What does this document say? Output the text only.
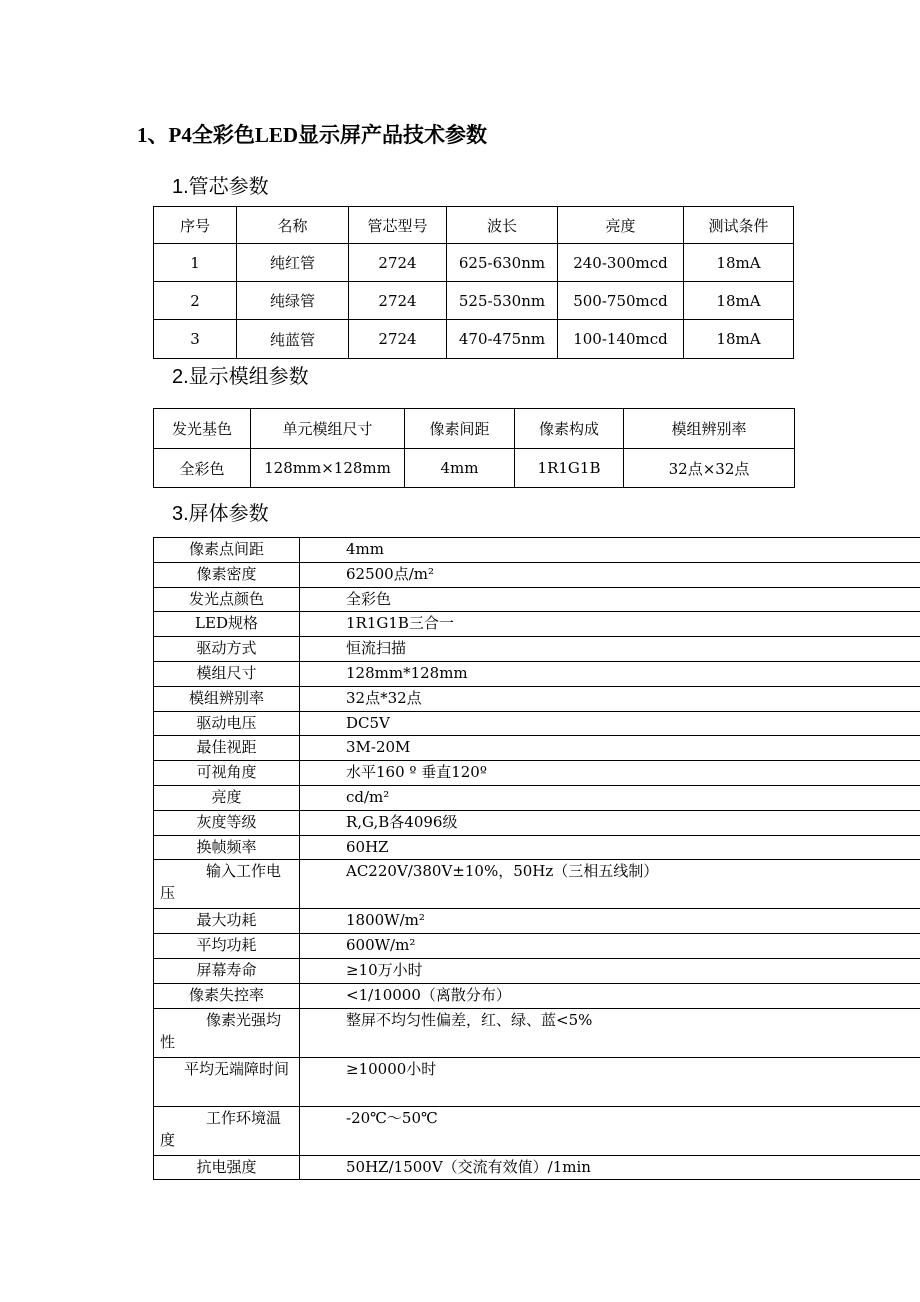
1、P4全彩色LED显示屏产品技术参数
1.管芯参数
序号	名称	管芯型号	波长	亮度	测试条件
1	纯红管	2724	625-630nm	240-300mcd	18mA
2	纯绿管	2724	525-530nm	500-750mcd	18mA
3	纯蓝管	2724	470-475nm	100-140mcd	18mA
2.显示模组参数
发光基色	单元模组尺寸	像素间距	像素构成	模组辨别率
全彩色	128mm×128mm	4mm	1R1G1B	32点×32点
3.屏体参数
像素点间距	4mm
像素密度	62500点/m²
发光点颜色	全彩色
LED规格	1R1G1B三合一
驱动方式	恒流扫描
模组尺寸	128mm*128mm
模组辨别率	32点*32点
驱动电压	DC5V
最佳视距	3M-20M
可视角度	水平160 º 垂直120º
亮度	cd/m²
灰度等级	R,G,B各4096级
换帧频率	60HZ
输入工作电压	AC220V/380V±10%，50Hz（三相五线制）
最大功耗	1800W/m²
平均功耗	600W/m²
屏幕寿命	≥10万小时
像素失控率	<1/10000（离散分布）
像素光强均性	整屏不均匀性偏差，红、绿、蓝<5%
平均无端障时间	≥10000小时
工作环境温度	-20℃～50℃
抗电强度	50HZ/1500V（交流有效值）/1min
